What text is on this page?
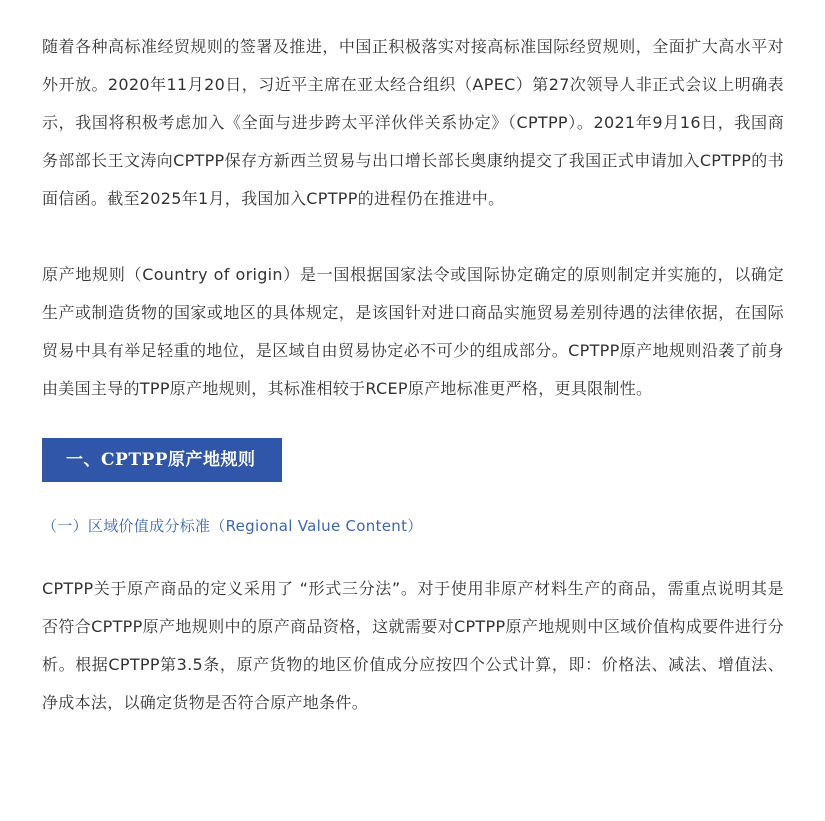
随着各种高标准经贸规则的签署及推进，中国正积极落实对接高标准国际经贸规则，全面扩大高水平对外开放。2020年11月20日，习近平主席在亚太经合组织（APEC）第27次领导人非正式会议上明确表示，我国将积极考虑加入《全面与进步跨太平洋伙伴关系协定》（CPTPP）。2021年9月16日，我国商务部部长王文涛向CPTPP保存方新西兰贸易与出口增长部长奥康纳提交了我国正式申请加入CPTPP的书面信函。截至2025年1月，我国加入CPTPP的进程仍在推进中。

原产地规则（Country of origin）是一国根据国家法令或国际协定确定的原则制定并实施的，以确定生产或制造货物的国家或地区的具体规定，是该国针对进口商品实施贸易差别待遇的法律依据，在国际贸易中具有举足轻重的地位，是区域自由贸易协定必不可少的组成部分。CPTPP原产地规则沿袭了前身由美国主导的TPP原产地规则，其标准相较于RCEP原产地标准更严格，更具限制性。

一、CPTPP原产地规则

（一）区域价值成分标准（Regional Value Content）

CPTPP关于原产商品的定义采用了 “形式三分法”。对于使用非原产材料生产的商品，需重点说明其是否符合CPTPP原产地规则中的原产商品资格，这就需要对CPTPP原产地规则中区域价值构成要件进行分析。根据CPTPP第3.5条，原产货物的地区价值成分应按四个公式计算，即：价格法、减法、增值法、净成本法，以确定货物是否符合原产地条件。
